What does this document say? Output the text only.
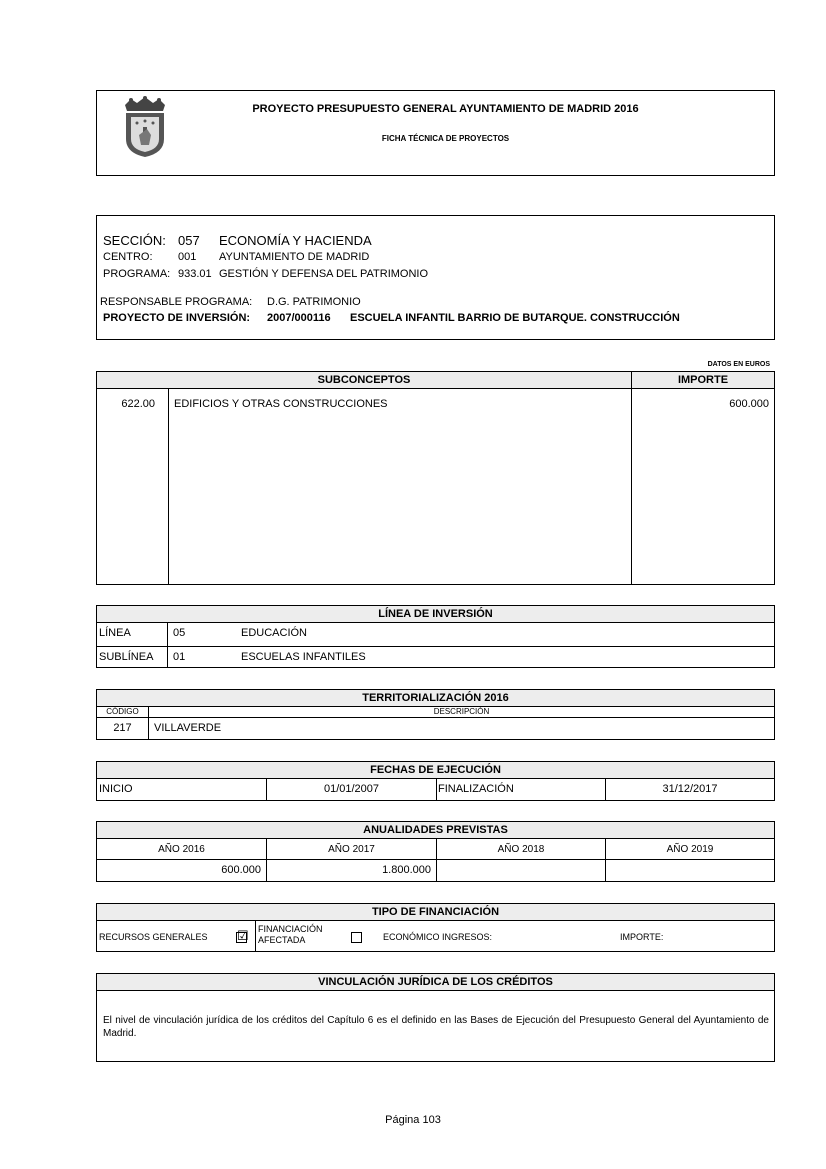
PROYECTO PRESUPUESTO GENERAL AYUNTAMIENTO DE MADRID 2016
FICHA TÉCNICA DE PROYECTOS
SECCIÓN: 057 ECONOMÍA Y HACIENDA
CENTRO: 001 AYUNTAMIENTO DE MADRID
PROGRAMA: 933.01 GESTIÓN Y DEFENSA DEL PATRIMONIO
RESPONSABLE PROGRAMA: D.G. PATRIMONIO
PROYECTO DE INVERSIÓN: 2007/000116 ESCUELA INFANTIL BARRIO DE BUTARQUE. CONSTRUCCIÓN
DATOS EN EUROS
SUBCONCEPTOS	IMPORTE
622.00 EDIFICIOS Y OTRAS CONSTRUCCIONES	600.000
LÍNEA DE INVERSIÓN
LÍNEA	05	EDUCACIÓN
SUBLÍNEA 01	ESCUELAS INFANTILES
TERRITORIALIZACIÓN 2016
CÓDIGO	DESCRIPCIÓN
217	VILLAVERDE
FECHAS DE EJECUCIÓN
INICIO	01/01/2007	FINALIZACIÓN	31/12/2017
ANUALIDADES PREVISTAS
AÑO 2016	AÑO 2017	AÑO 2018	AÑO 2019
600.000	1.800.000
TIPO DE FINANCIACIÓN
RECURSOS GENERALES ☑ FINANCIACIÓN
AFECTADA	ECONÓMICO INGRESOS:	IMPORTE:
VINCULACIÓN JURÍDICA DE LOS CRÉDITOS
El nivel de vinculación jurídica de los créditos del Capítulo 6 es el definido en las Bases de Ejecución del Presupuesto General del Ayuntamiento de Madrid.
Página 103
